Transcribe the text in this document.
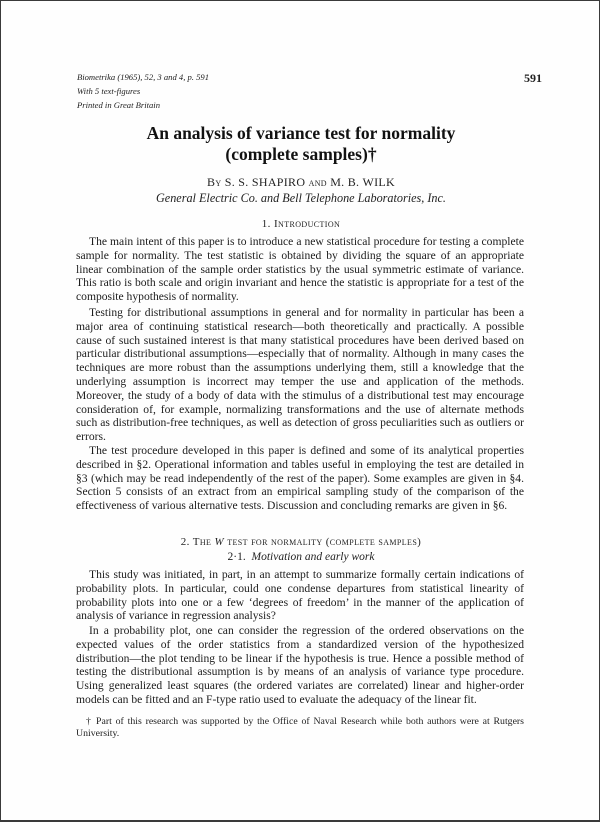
Biometrika (1965), 52, 3 and 4, p. 591
With 5 text-figures
Printed in Great Britain
591
An analysis of variance test for normality
(complete samples)†
By S. S. SHAPIRO and M. B. WILK
General Electric Co. and Bell Telephone Laboratories, Inc.
1. Introduction

The main intent of this paper is to introduce a new statistical procedure for testing a complete sample for normality. The test statistic is obtained by dividing the square of an appropriate linear combination of the sample order statistics by the usual symmetric estimate of variance. This ratio is both scale and origin invariant and hence the statistic is appropriate for a test of the composite hypothesis of normality.

Testing for distributional assumptions in general and for normality in particular has been a major area of continuing statistical research—both theoretically and practically. A possible cause of such sustained interest is that many statistical procedures have been derived based on particular distributional assumptions—especially that of normality. Although in many cases the techniques are more robust than the assumptions underlying them, still a knowledge that the underlying assumption is incorrect may temper the use and application of the methods. Moreover, the study of a body of data with the stimulus of a distributional test may encourage consideration of, for example, normalizing transformations and the use of alternate methods such as distribution-free techniques, as well as detection of gross peculiarities such as outliers or errors.

The test procedure developed in this paper is defined and some of its analytical properties described in §2. Operational information and tables useful in employing the test are detailed in §3 (which may be read independently of the rest of the paper). Some examples are given in §4. Section 5 consists of an extract from an empirical sampling study of the comparison of the effectiveness of various alternative tests. Discussion and concluding remarks are given in §6.

2. The W test for normality (complete samples)
2·1. Motivation and early work

This study was initiated, in part, in an attempt to summarize formally certain indications of probability plots. In particular, could one condense departures from statistical linearity of probability plots into one or a few ‘degrees of freedom’ in the manner of the application of analysis of variance in regression analysis?

In a probability plot, one can consider the regression of the ordered observations on the expected values of the order statistics from a standardized version of the hypothesized distribution—the plot tending to be linear if the hypothesis is true. Hence a possible method of testing the distributional assumption is by means of an analysis of variance type procedure. Using generalized least squares (the ordered variates are correlated) linear and higher-order models can be fitted and an F-type ratio used to evaluate the adequacy of the linear fit.

† Part of this research was supported by the Office of Naval Research while both authors were at Rutgers University.
